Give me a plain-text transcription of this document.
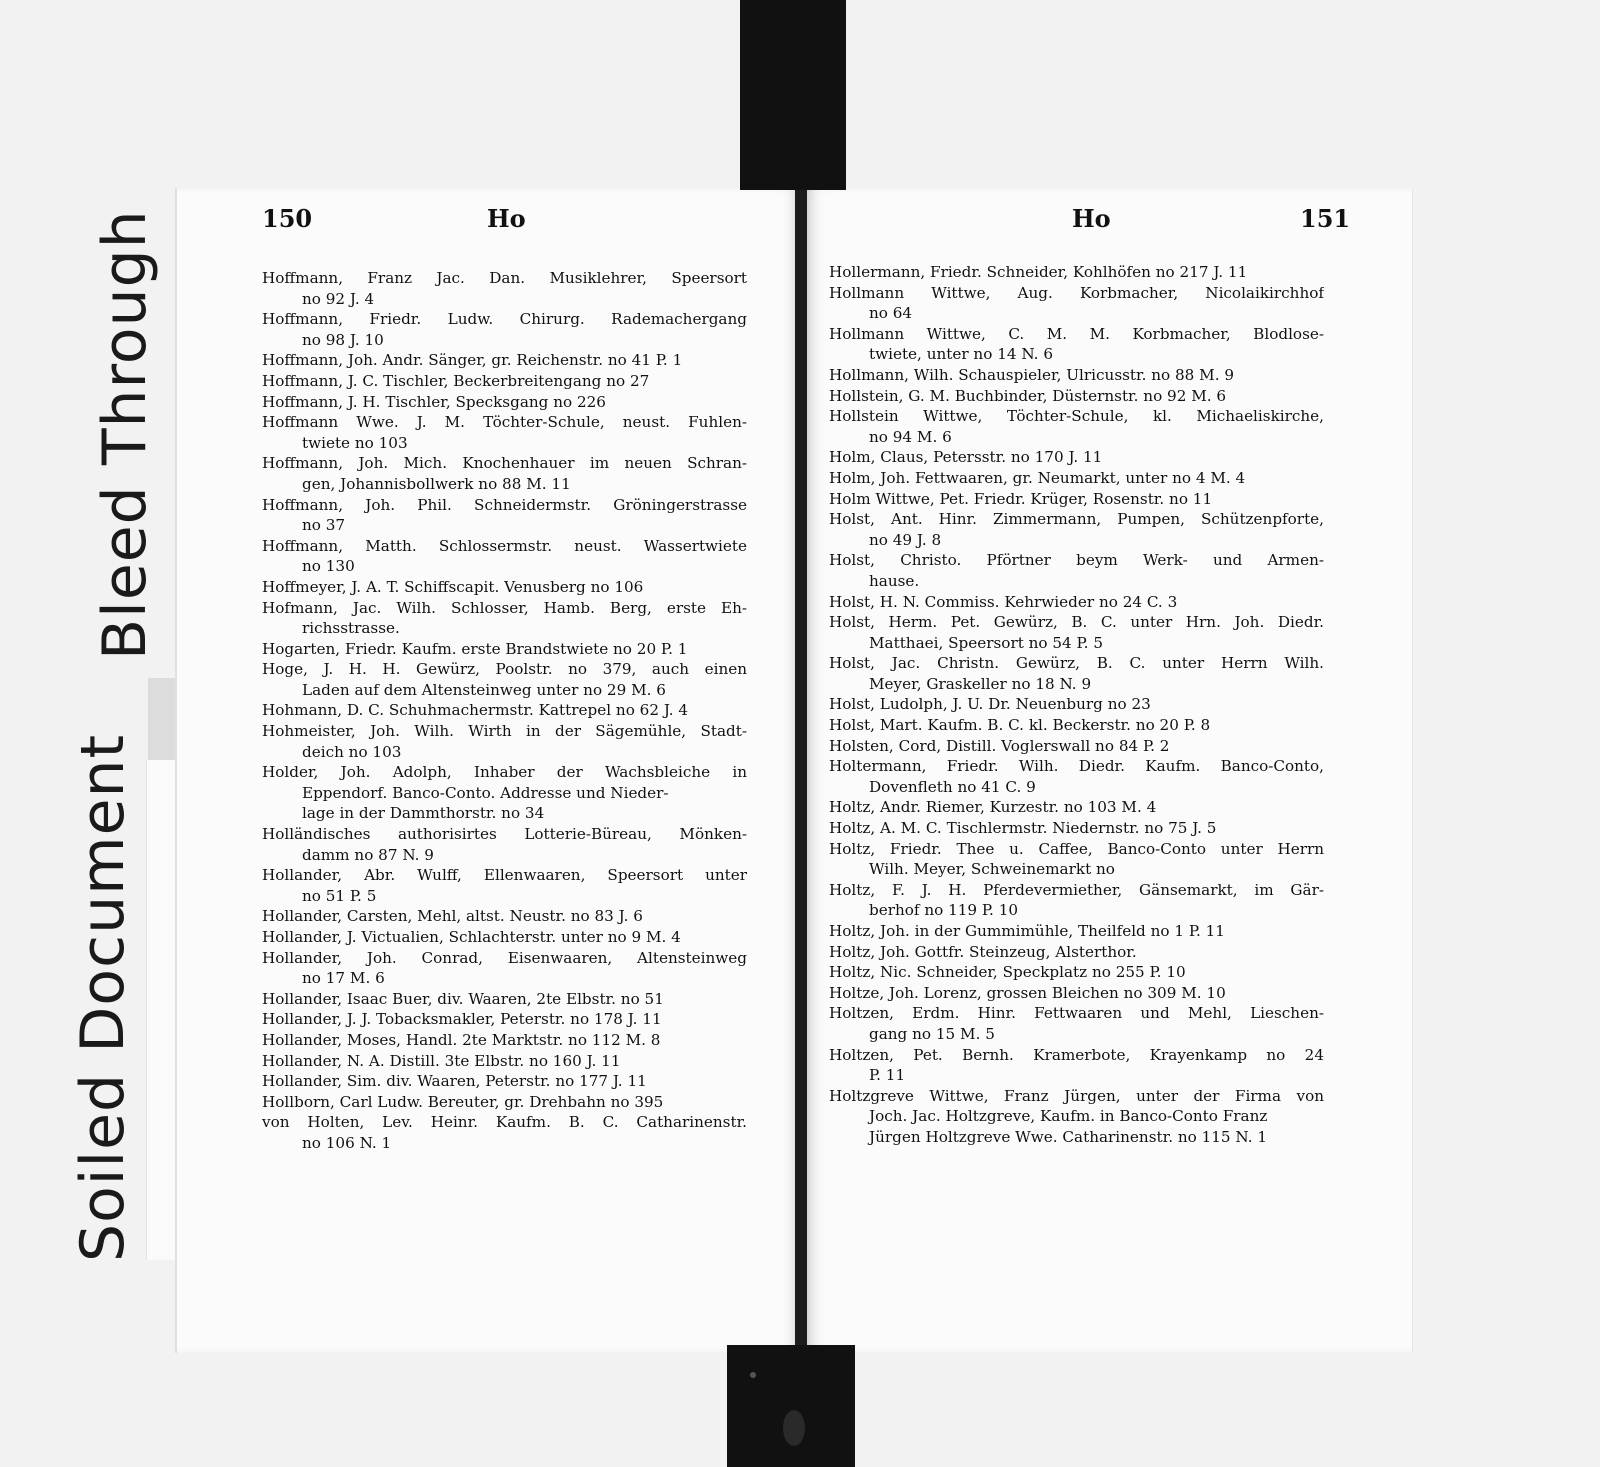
Soiled Document
Bleed Through	150	Ho
Hoffmann, Franz Jac. Dan. Musiklehrer, Speersort
no 92 J. 4
Hoffmann, Friedr. Ludw. Chirurg. Rademachergang
no 98 J. 10
Hoffmann, Joh. Andr. Sänger, gr. Reichenstr. no 41 P. 1
Hoffmann, J. C. Tischler, Beckerbreitengang no 27
Hoffmann, J. H. Tischler, Specksgang no 226
Hoffmann Wwe. J. M. Töchter-Schule, neust. Fuhlen-
twiete no 103
Hoffmann, Joh. Mich. Knochenhauer im neuen Schran-
gen, Johannisbollwerk no 88 M. 11
Hoffmann, Joh. Phil. Schneidermstr. Gröningerstrasse
no 37
Hoffmann, Matth. Schlossermstr. neust. Wassertwiete
no 130
Hoffmeyer, J. A. T. Schiffscapit. Venusberg no 106
Hofmann, Jac. Wilh. Schlosser, Hamb. Berg, erste Eh-
richsstrasse.
Hogarten, Friedr. Kaufm. erste Brandstwiete no 20 P. 1
Hoge, J. H. H. Gewürz, Poolstr. no 379, auch einen
Laden auf dem Altensteinweg unter no 29 M. 6
Hohmann, D. C. Schuhmachermstr. Kattrepel no 62 J. 4
Hohmeister, Joh. Wilh. Wirth in der Sägemühle, Stadt-
deich no 103
Holder, Joh. Adolph, Inhaber der Wachsbleiche in
Eppendorf. Banco-Conto. Addresse und Nieder-
lage in der Dammthorstr. no 34
Holländisches authorisirtes Lotterie-Büreau, Mönken-
damm no 87 N. 9
Hollander, Abr. Wulff, Ellenwaaren, Speersort unter
no 51 P. 5
Hollander, Carsten, Mehl, altst. Neustr. no 83 J. 6
Hollander, J. Victualien, Schlachterstr. unter no 9 M. 4
Hollander, Joh. Conrad, Eisenwaaren, Altensteinweg
no 17 M. 6
Hollander, Isaac Buer, div. Waaren, 2te Elbstr. no 51
Hollander, J. J. Tobacksmakler, Peterstr. no 178 J. 11
Hollander, Moses, Handl. 2te Marktstr. no 112 M. 8
Hollander, N. A. Distill. 3te Elbstr. no 160 J. 11
Hollander, Sim. div. Waaren, Peterstr. no 177 J. 11
Hollborn, Carl Ludw. Bereuter, gr. Drehbahn no 395
von Holten, Lev. Heinr. Kaufm. B. C. Catharinenstr.
no 106 N. 1
Ho	151
Hollermann, Friedr. Schneider, Kohlhöfen no 217 J. 11
Hollmann Wittwe, Aug. Korbmacher, Nicolaikirchhof
no 64
Hollmann Wittwe, C. M. M. Korbmacher, Blodlose-
twiete, unter no 14 N. 6
Hollmann, Wilh. Schauspieler, Ulricusstr. no 88 M. 9
Hollstein, G. M. Buchbinder, Düsternstr. no 92 M. 6
Hollstein Wittwe, Töchter-Schule, kl. Michaeliskirche,
no 94 M. 6
Holm, Claus, Petersstr. no 170 J. 11
Holm, Joh. Fettwaaren, gr. Neumarkt, unter no 4 M. 4
Holm Wittwe, Pet. Friedr. Krüger, Rosenstr. no 11
Holst, Ant. Hinr. Zimmermann, Pumpen, Schützenpforte,
no 49 J. 8
Holst, Christo. Pförtner beym Werk- und Armen-
hause.
Holst, H. N. Commiss. Kehrwieder no 24 C. 3
Holst, Herm. Pet. Gewürz, B. C. unter Hrn. Joh. Diedr.
Matthaei, Speersort no 54 P. 5
Holst, Jac. Christn. Gewürz, B. C. unter Herrn Wilh.
Meyer, Graskeller no 18 N. 9
Holst, Ludolph, J. U. Dr. Neuenburg no 23
Holst, Mart. Kaufm. B. C. kl. Beckerstr. no 20 P. 8
Holsten, Cord, Distill. Voglerswall no 84 P. 2
Holtermann, Friedr. Wilh. Diedr. Kaufm. Banco-Conto,
Dovenfleth no 41 C. 9
Holtz, Andr. Riemer, Kurzestr. no 103 M. 4
Holtz, A. M. C. Tischlermstr. Niedernstr. no 75 J. 5
Holtz, Friedr. Thee u. Caffee, Banco-Conto unter Herrn
Wilh. Meyer, Schweinemarkt no
Holtz, F. J. H. Pferdevermiether, Gänsemarkt, im Gär-
berhof no 119 P. 10
Holtz, Joh. in der Gummimühle, Theilfeld no 1 P. 11
Holtz, Joh. Gottfr. Steinzeug, Alsterthor.
Holtz, Nic. Schneider, Speckplatz no 255 P. 10
Holtze, Joh. Lorenz, grossen Bleichen no 309 M. 10
Holtzen, Erdm. Hinr. Fettwaaren und Mehl, Lieschen-
gang no 15 M. 5
Holtzen, Pet. Bernh. Kramerbote, Krayenkamp no 24
P. 11
Holtzgreve Wittwe, Franz Jürgen, unter der Firma von
Joch. Jac. Holtzgreve, Kaufm. in Banco-Conto Franz
Jürgen Holtzgreve Wwe. Catharinenstr. no 115 N. 1
